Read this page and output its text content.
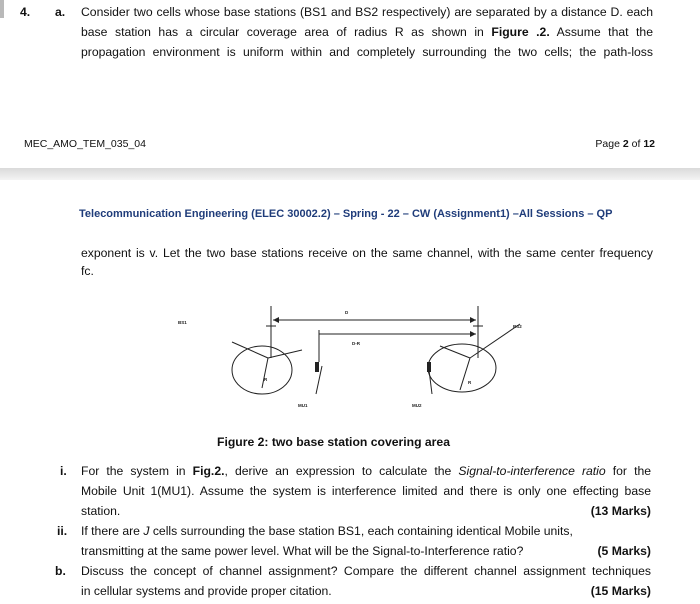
4. a. Consider two cells whose base stations (BS1 and BS2 respectively) are separated by a distance D. each
base station has a circular coverage area of radius R as shown in Figure .2. Assume that the
propagation environment is uniform within and completely surrounding the two cells; the path-loss
MEC_AMO_TEM_035_04	Page 2 of 12
Telecommunication Engineering (ELEC 30002.2) – Spring - 22 – CW (Assignment1) –All Sessions – QP
exponent is v. Let the two base stations receive on the same channel, with the same center frequency
fc.
BS1
BS2
D
D-R
R
R
MU1	MU2
Figure 2: two base station covering area
i. For the system in Fig.2., derive an expression to calculate the Signal-to-interference ratio for the
Mobile Unit 1(MU1). Assume the system is interference limited and there is only one effecting base
station.	(13 Marks)
ii. If there are J cells surrounding the base station BS1, each containing identical Mobile units,
transmitting at the same power level. What will be the Signal-to-Interference ratio?	(5 Marks)
b. Discuss the concept of channel assignment? Compare the different channel assignment techniques
in cellular systems and provide proper citation.	(15 Marks)
